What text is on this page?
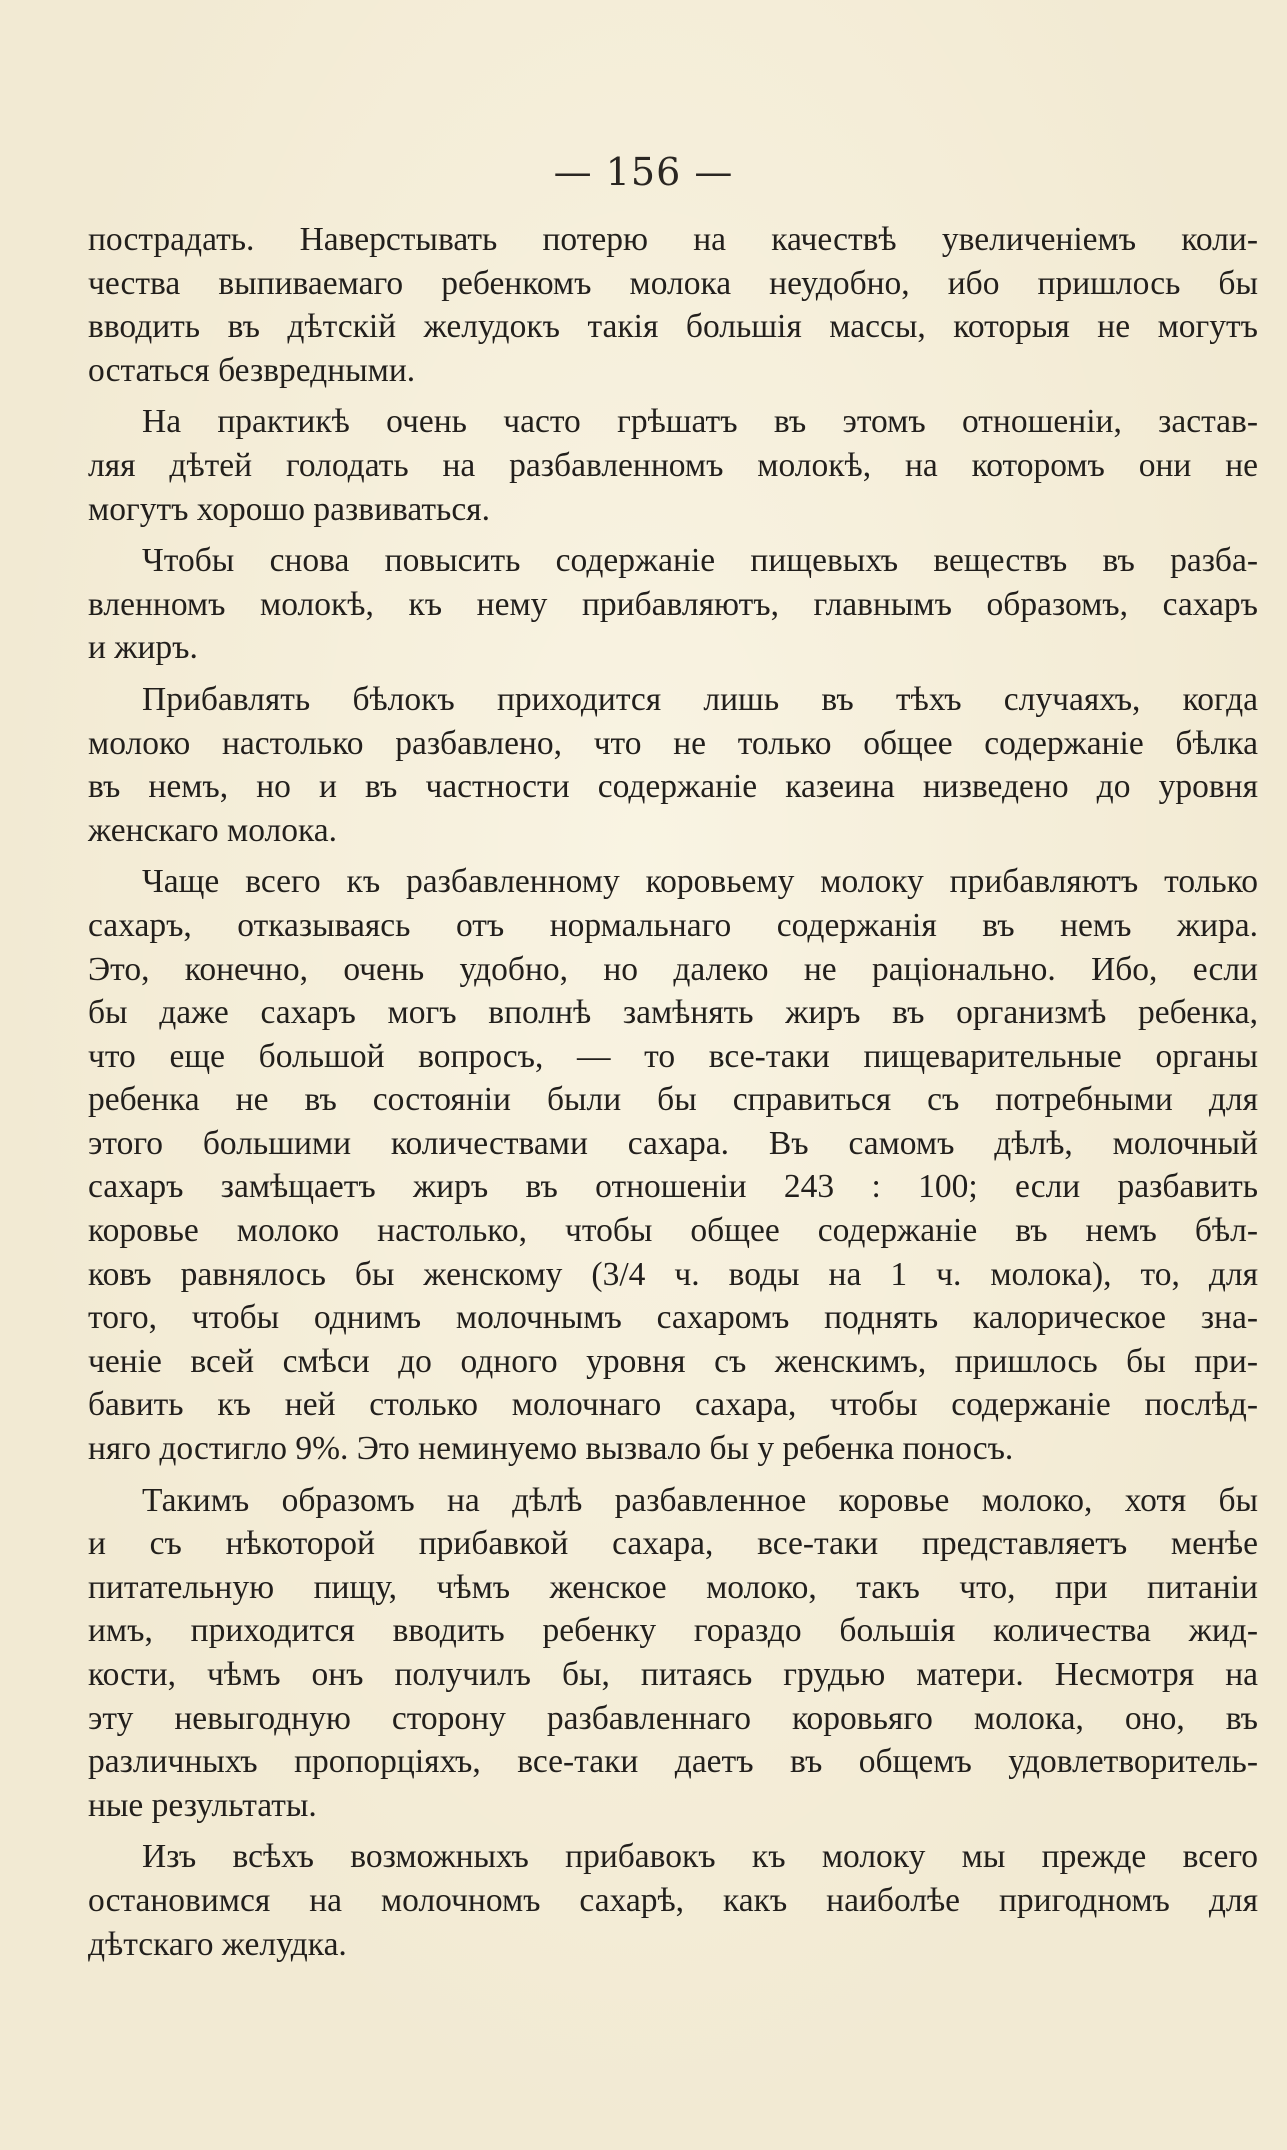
— 156 —
пострадать. Наверстывать потерю на качествѣ увеличеніемъ коли-
чества выпиваемаго ребенкомъ молока неудобно, ибо пришлось бы
вводить въ дѣтскій желудокъ такія большія массы, которыя не могутъ
остаться безвредными.
На практикѣ очень часто грѣшатъ въ этомъ отношеніи, застав-
ляя дѣтей голодать на разбавленномъ молокѣ, на которомъ они не
могутъ хорошо развиваться.
Чтобы снова повысить содержаніе пищевыхъ веществъ въ разба-
вленномъ молокѣ, къ нему прибавляютъ, главнымъ образомъ, сахаръ
и жиръ.
Прибавлять бѣлокъ приходится лишь въ тѣхъ случаяхъ, когда
молоко настолько разбавлено, что не только общее содержаніе бѣлка
въ немъ, но и въ частности содержаніе казеина низведено до уровня
женскаго молока.
Чаще всего къ разбавленному коровьему молоку прибавляютъ только
сахаръ, отказываясь отъ нормальнаго содержанія въ немъ жира.
Это, конечно, очень удобно, но далеко не раціонально. Ибо, если
бы даже сахаръ могъ вполнѣ замѣнять жиръ въ организмѣ ребенка,
что еще большой вопросъ, — то все-таки пищеварительные органы
ребенка не въ состояніи были бы справиться съ потребными для
этого большими количествами сахара. Въ самомъ дѣлѣ, молочный
сахаръ замѣщаетъ жиръ въ отношеніи 243 : 100; если разбавить
коровье молоко настолько, чтобы общее содержаніе въ немъ бѣл-
ковъ равнялось бы женскому (3/4 ч. воды на 1 ч. молока), то, для
того, чтобы однимъ молочнымъ сахаромъ поднять калорическое зна-
ченіе всей смѣси до одного уровня съ женскимъ, пришлось бы при-
бавить къ ней столько молочнаго сахара, чтобы содержаніе послѣд-
няго достигло 9%. Это неминуемо вызвало бы у ребенка поносъ.
Такимъ образомъ на дѣлѣ разбавленное коровье молоко, хотя бы
и съ нѣкоторой прибавкой сахара, все-таки представляетъ менѣе
питательную пищу, чѣмъ женское молоко, такъ что, при питаніи
имъ, приходится вводить ребенку гораздо большія количества жид-
кости, чѣмъ онъ получилъ бы, питаясь грудью матери. Несмотря на
эту невыгодную сторону разбавленнаго коровьяго молока, оно, въ
различныхъ пропорціяхъ, все-таки даетъ въ общемъ удовлетворитель-
ные результаты.
Изъ всѣхъ возможныхъ прибавокъ къ молоку мы прежде всего
остановимся на молочномъ сахарѣ, какъ наиболѣе пригодномъ для
дѣтскаго желудка.
